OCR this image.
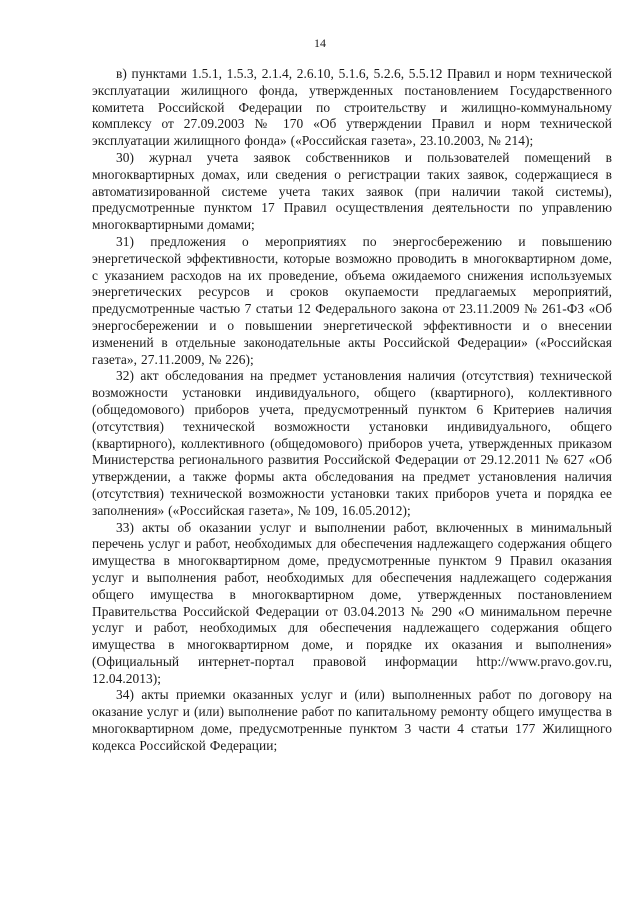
14

в) пунктами 1.5.1, 1.5.3, 2.1.4, 2.6.10, 5.1.6, 5.2.6, 5.5.12 Правил и норм технической эксплуатации жилищного фонда, утвержденных постановлением Государственного комитета Российской Федерации по строительству и жилищно-коммунальному комплексу от 27.09.2003 № 170 «Об утверждении Правил и норм технической эксплуатации жилищного фонда» («Российская газета», 23.10.2003, № 214);

30) журнал учета заявок собственников и пользователей помещений в многоквартирных домах, или сведения о регистрации таких заявок, содержащиеся в автоматизированной системе учета таких заявок (при наличии такой системы), предусмотренные пунктом 17 Правил осуществления деятельности по управлению многоквартирными домами;

31) предложения о мероприятиях по энергосбережению и повышению энергетической эффективности, которые возможно проводить в многоквартирном доме, с указанием расходов на их проведение, объема ожидаемого снижения используемых энергетических ресурсов и сроков окупаемости предлагаемых мероприятий, предусмотренные частью 7 статьи 12 Федерального закона от 23.11.2009 № 261-ФЗ «Об энергосбережении и о повышении энергетической эффективности и о внесении изменений в отдельные законодательные акты Российской Федерации» («Российская газета», 27.11.2009, № 226);

32) акт обследования на предмет установления наличия (отсутствия) технической возможности установки индивидуального, общего (квартирного), коллективного (общедомового) приборов учета, предусмотренный пунктом 6 Критериев наличия (отсутствия) технической возможности установки индивидуального, общего (квартирного), коллективного (общедомового) приборов учета, утвержденных приказом Министерства регионального развития Российской Федерации от 29.12.2011 № 627 «Об утверждении, а также формы акта обследования на предмет установления наличия (отсутствия) технической возможности установки таких приборов учета и порядка ее заполнения» («Российская газета», № 109, 16.05.2012);

33) акты об оказании услуг и выполнении работ, включенных в минимальный перечень услуг и работ, необходимых для обеспечения надлежащего содержания общего имущества в многоквартирном доме, предусмотренные пунктом 9 Правил оказания услуг и выполнения работ, необходимых для обеспечения надлежащего содержания общего имущества в многоквартирном доме, утвержденных постановлением Правительства Российской Федерации от 03.04.2013 № 290 «О минимальном перечне услуг и работ, необходимых для обеспечения надлежащего содержания общего имущества в многоквартирном доме, и порядке их оказания и выполнения» (Официальный интернет-портал правовой информации http://www.pravo.gov.ru, 12.04.2013);

34) акты приемки оказанных услуг и (или) выполненных работ по договору на оказание услуг и (или) выполнение работ по капитальному ремонту общего имущества в многоквартирном доме, предусмотренные пунктом 3 части 4 статьи 177 Жилищного кодекса Российской Федерации;
